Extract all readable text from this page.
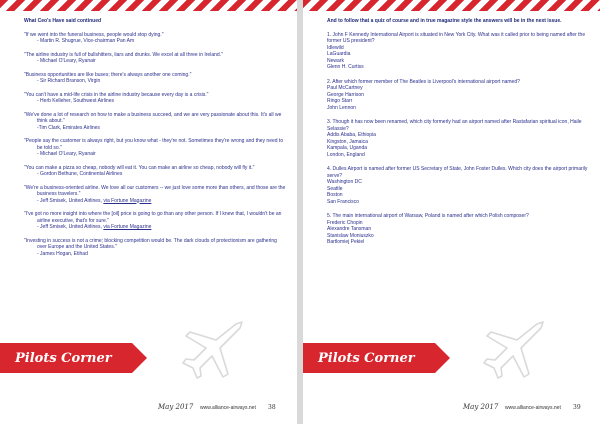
What Ceo's Have said continued
"If we went into the funeral business, people would stop dying."
- Martin R. Shugrue, Vice-chairman Pan Am
"The airline industry is full of bullshitters, liars and drunks. We excel at all three in Ireland."
- Michael O'Leary, Ryanair
"Business opportunities are like buses; there's always another one coming."
- Sir Richard Branson, Virgin
"You can't have a mid-life crisis in the airline industry because every day is a crisis."
- Herb Kelleher, Southwest Airlines
"We've done a lot of research on how to make a business succeed, and we are very passionate about this. It's all we think about."
-Tim Clark, Emirates Airlines
"People say the customer is always right, but you know what - they're not. Sometimes they're wrong and they need to be told so."
- Michael O'Leary, Ryanair
"You can make a pizza so cheap, nobody will eat it. You can make an airline so cheap, nobody will fly it."
- Gordon Bethune, Continental Airlines
"We're a business-oriented airline. We love all our customers -- we just love some more than others, and those are the business travelers."
- Jeff Smisek, United Airlines, via Fortune Magazine
"I've got no more insight into where the [oil] price is going to go than any other person. If I knew that, I wouldn't be an airline executive, that's for sure."
- Jeff Smisek, United Airlines, via Fortune Magazine
"Investing in success is not a crime; blocking competition would be. The dark clouds of protectionism are gathering over Europe and the United States."
- James Hogan, Etihad
Pilots Corner
May 2017 www.alliance-airways.net 38
And to follow that a quiz of course and in true magazine style the answers will be in the next issue.
1. John F Kennedy International Airport is situated in New York City. What was it called prior to being named after the former US president?
Idlewild
LaGuardia
Newark
Glenn H. Curtiss
2. After which former member of The Beatles is Liverpool's international airport named?
Paul McCartney
George Harrison
Ringo Starr
John Lennon
3. Though it has now been renamed, which city formerly had an airport named after Rastafarian spiritual icon, Haile Selassie?
Addis Ababa, Ethiopia
Kingston, Jamaica
Kampala, Uganda
London, England
4. Dulles Airport is named after former US Secretary of State, John Foster Dulles. Which city does the airport primarily serve?
Washington DC
Seattle
Boston
San Francisco
5. The main international airport of Warsaw, Poland is named after which Polish composer?
Frederic Chopin
Alexandre Tansman
Stanislaw Moniuszko
Bartlomiej Pekiel
Pilots Corner
May 2017 www.alliance-airways.net 39
